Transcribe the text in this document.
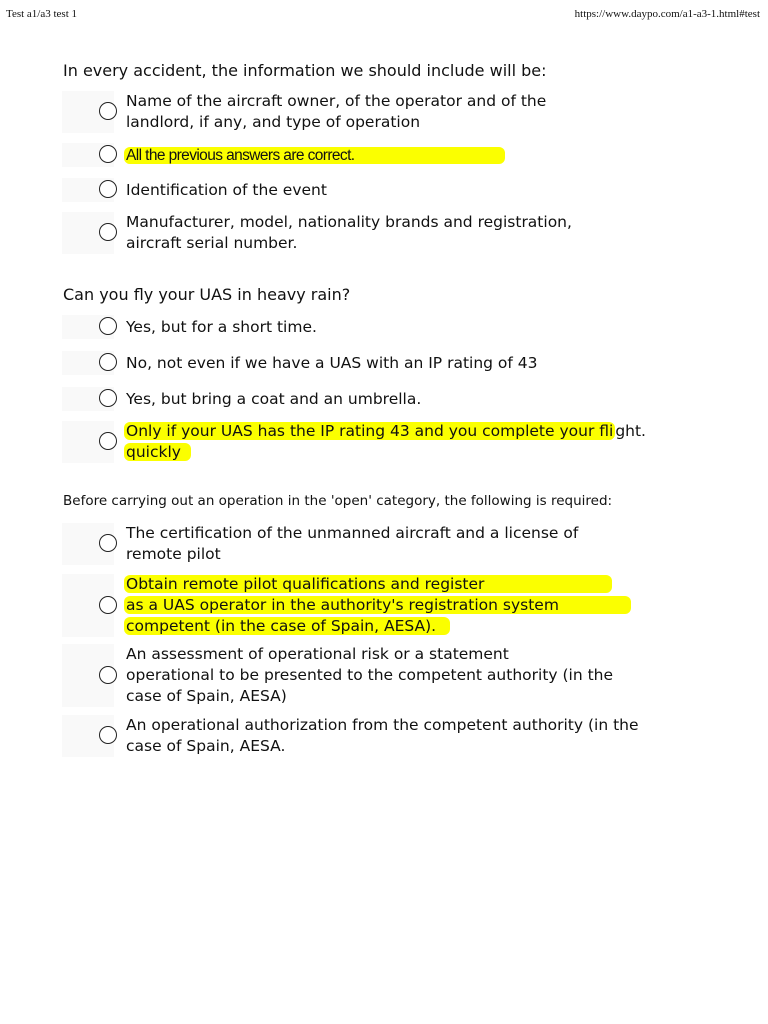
Test a1/a3 test 1	https://www.daypo.com/a1-a3-1.html#test
In every accident, the information we should include will be:
Name of the aircraft owner, of the operator and of the
landlord, if any, and type of operation
All the previous answers are correct.
Identification of the event
Manufacturer, model, nationality brands and registration,
aircraft serial number.
Can you fly your UAS in heavy rain?
Yes, but for a short time.
No, not even if we have a UAS with an IP rating of 43
Yes, but bring a coat and an umbrella.
Only if your UAS has the IP rating 43 and you complete your fli ght.
quickly
Before carrying out an operation in the 'open' category, the following is required:
The certification of the unmanned aircraft and a license of
remote pilot
Obtain remote pilot qualifications and register
as a UAS operator in the authority's registration system
competent (in the case of Spain, AESA).
An assessment of operational risk or a statement
operational to be presented to the competent authority (in the
case of Spain, AESA)
An operational authorization from the competent authority (in the
case of Spain, AESA.
